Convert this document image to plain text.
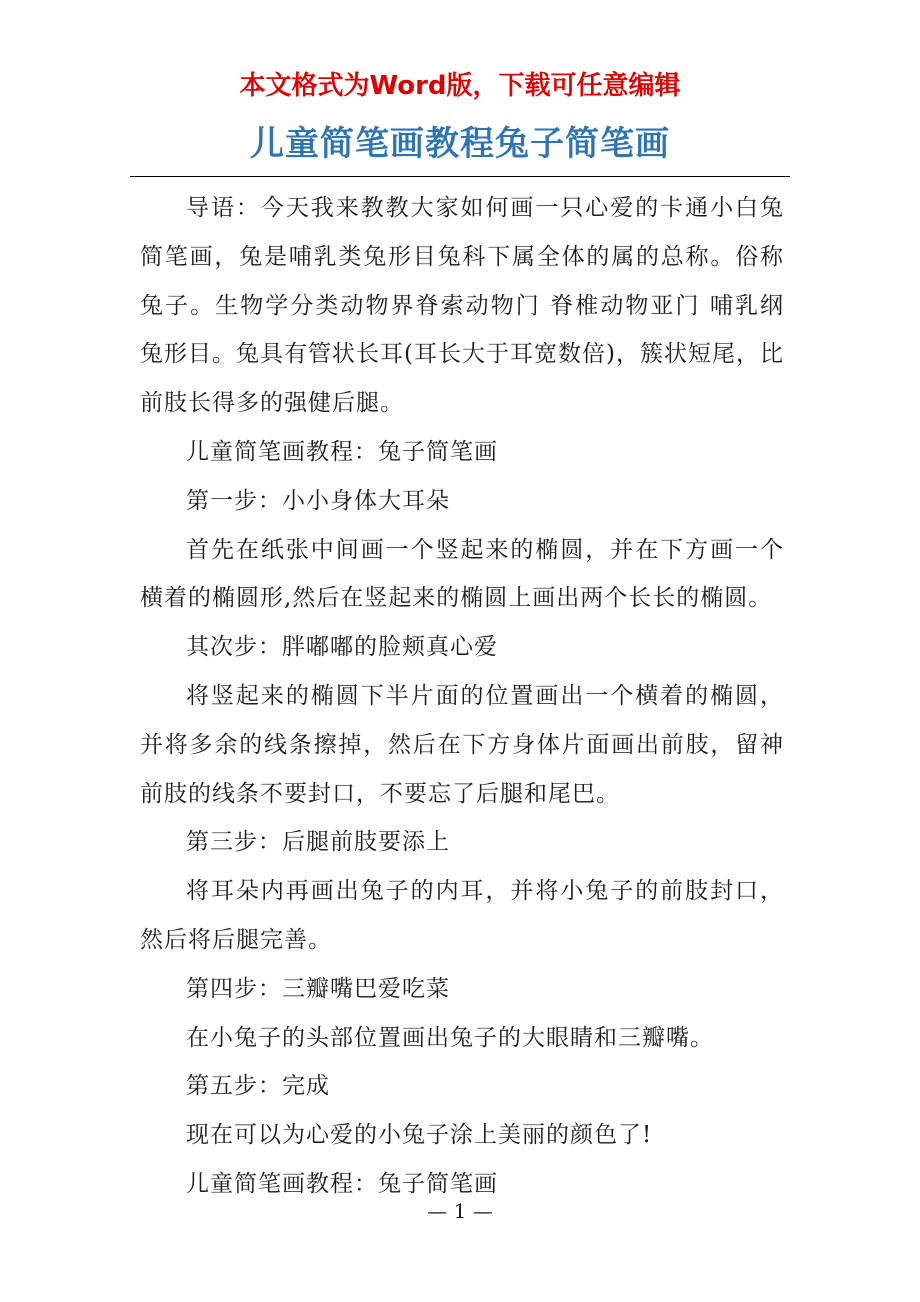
本文格式为Word版，下载可任意编辑
儿童简笔画教程兔子简笔画

导语：今天我来教教大家如何画一只心爱的卡通小白兔简笔画，兔是哺乳类兔形目兔科下属全体的属的总称。俗称兔子。生物学分类动物界脊索动物门 脊椎动物亚门 哺乳纲 兔形目。兔具有管状长耳(耳长大于耳宽数倍)，簇状短尾，比前肢长得多的强健后腿。

儿童简笔画教程：兔子简笔画

第一步：小小身体大耳朵

首先在纸张中间画一个竖起来的椭圆，并在下方画一个横着的椭圆形,然后在竖起来的椭圆上画出两个长长的椭圆。

其次步：胖嘟嘟的脸颊真心爱

将竖起来的椭圆下半片面的位置画出一个横着的椭圆，并将多余的线条擦掉，然后在下方身体片面画出前肢，留神前肢的线条不要封口，不要忘了后腿和尾巴。

第三步：后腿前肢要添上

将耳朵内再画出兔子的内耳，并将小兔子的前肢封口，然后将后腿完善。

第四步：三瓣嘴巴爱吃菜

在小兔子的头部位置画出兔子的大眼睛和三瓣嘴。

第五步：完成

现在可以为心爱的小兔子涂上美丽的颜色了!

儿童简笔画教程：兔子简笔画

— 1 —
